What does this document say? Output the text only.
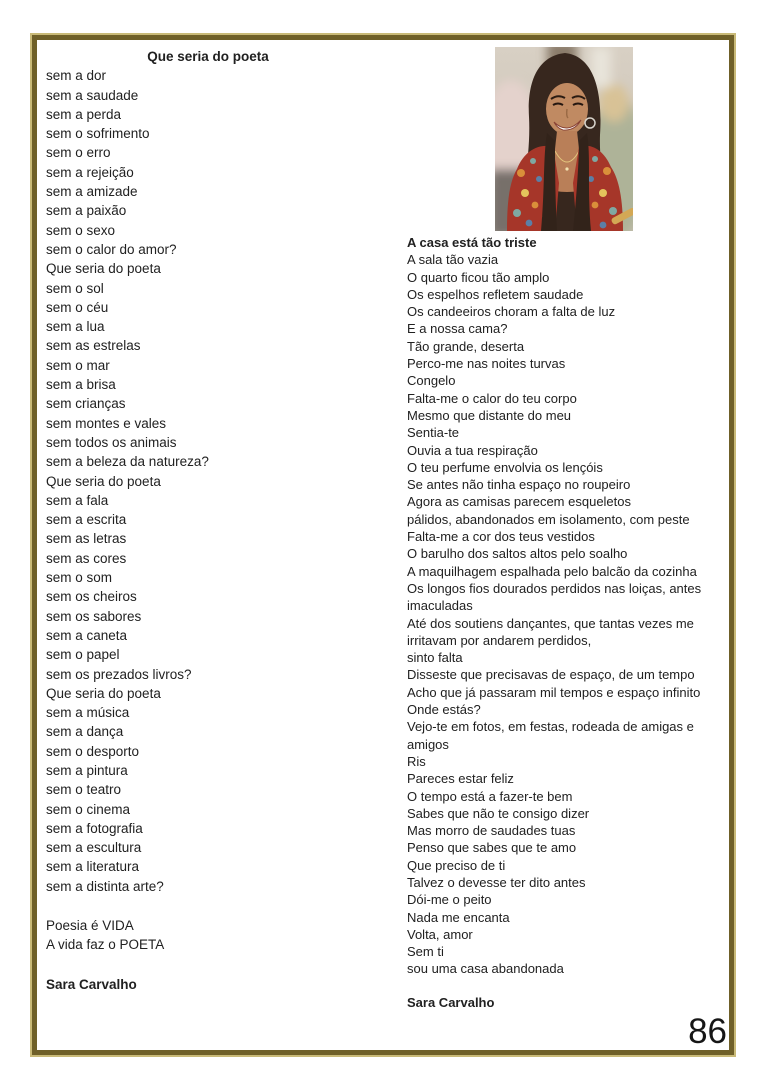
Que seria do poeta
sem a dor
sem a saudade
sem a perda
sem o sofrimento
sem o erro
sem a rejeição
sem a amizade
sem a paixão
sem o sexo
sem o calor do amor?
Que seria do poeta
sem o sol
sem o céu
sem a lua
sem as estrelas
sem o mar
sem a brisa
sem crianças
sem montes e vales
sem todos os animais
sem a beleza da natureza?
Que seria do poeta
sem a fala
sem a escrita
sem as letras
sem as cores
sem o som
sem os cheiros
sem os sabores
sem a caneta
sem o papel
sem os prezados livros?
Que seria do poeta
sem a música
sem a dança
sem o desporto
sem a pintura
sem o teatro
sem o cinema
sem a fotografia
sem a escultura
sem a literatura
sem a distinta arte?
Poesia é VIDA
A vida faz o POETA
Sara Carvalho
A casa está tão triste
A sala tão vazia
O quarto ficou tão amplo
Os espelhos refletem saudade
Os candeeiros choram a falta de luz
E a nossa cama?
Tão grande, deserta
Perco-me nas noites turvas
Congelo
Falta-me o calor do teu corpo
Mesmo que distante do meu
Sentia-te
Ouvia a tua respiração
O teu perfume envolvia os lençóis
Se antes não tinha espaço no roupeiro
Agora as camisas parecem esqueletos
pálidos, abandonados em isolamento, com peste
Falta-me a cor dos teus vestidos
O barulho dos saltos altos pelo soalho
A maquilhagem espalhada pelo balcão da cozinha
Os longos fios dourados perdidos nas loiças, antes
imaculadas
Até dos soutiens dançantes, que tantas vezes me
irritavam por andarem perdidos,
sinto falta
Disseste que precisavas de espaço, de um tempo
Acho que já passaram mil tempos e espaço infinito
Onde estás?
Vejo-te em fotos, em festas, rodeada de amigas e
amigos
Ris
Pareces estar feliz
O tempo está a fazer-te bem
Sabes que não te consigo dizer
Mas morro de saudades tuas
Penso que sabes que te amo
Que preciso de ti
Talvez o devesse ter dito antes
Dói-me o peito
Nada me encanta
Volta, amor
Sem ti
sou uma casa abandonada
Sara Carvalho
86
